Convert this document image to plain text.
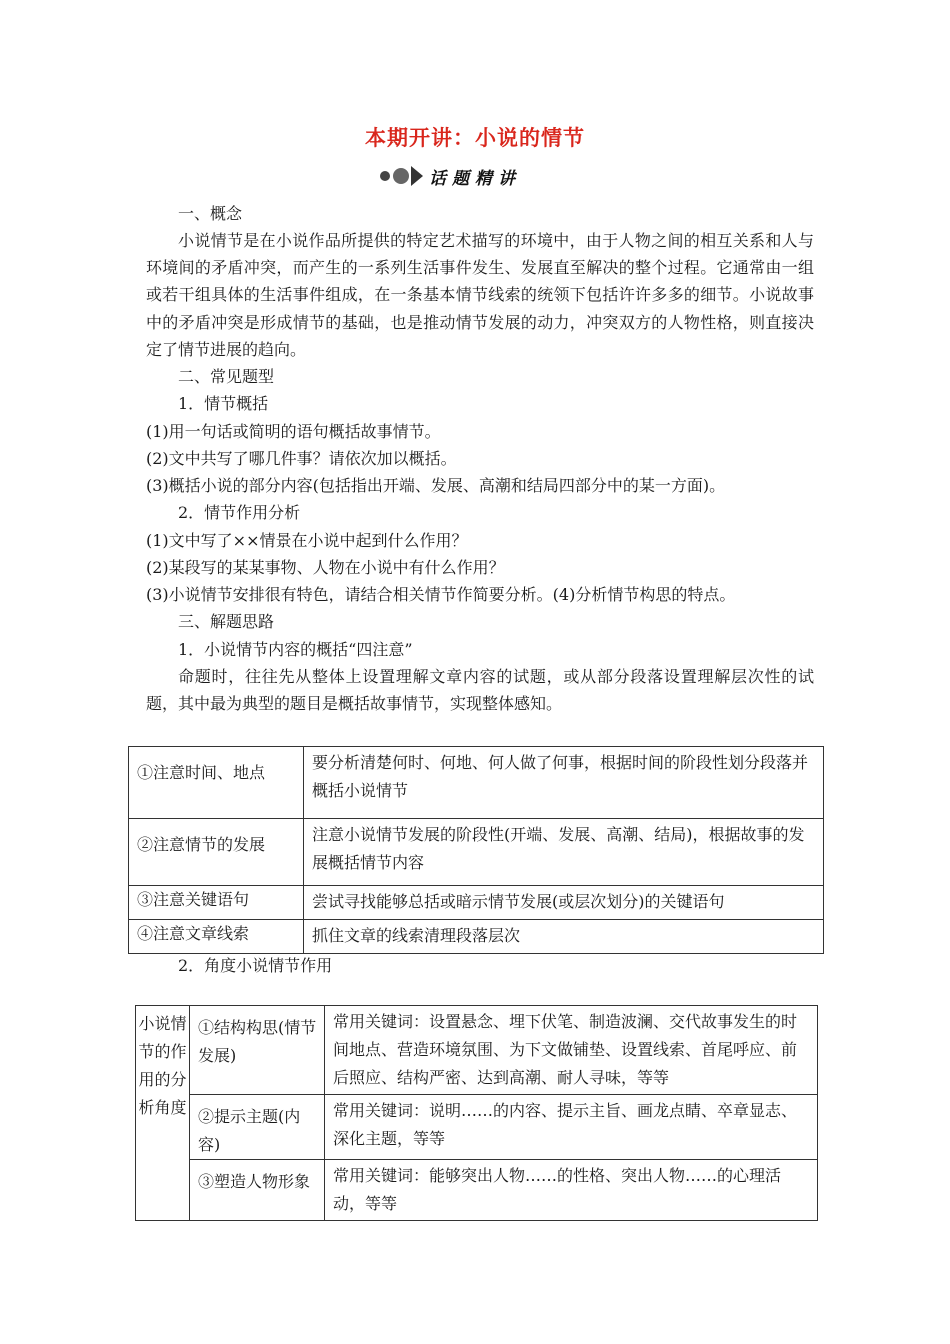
本期开讲：小说的情节
话题精讲

一、概念

小说情节是在小说作品所提供的特定艺术描写的环境中，由于人物之间的相互关系和人与环境间的矛盾冲突，而产生的一系列生活事件发生、发展直至解决的整个过程。它通常由一组或若干组具体的生活事件组成，在一条基本情节线索的统领下包括许许多多的细节。小说故事中的矛盾冲突是形成情节的基础，也是推动情节发展的动力，冲突双方的人物性格，则直接决定了情节进展的趋向。

二、常见题型

1．情节概括

(1)用一句话或简明的语句概括故事情节。

(2)文中共写了哪几件事？请依次加以概括。

(3)概括小说的部分内容(包括指出开端、发展、高潮和结局四部分中的某一方面)。

2．情节作用分析

(1)文中写了××情景在小说中起到什么作用？

(2)某段写的某某事物、人物在小说中有什么作用？

(3)小说情节安排很有特色，请结合相关情节作简要分析。(4)分析情节构思的特点。

三、解题思路

1．小说情节内容的概括“四注意”

命题时，往往先从整体上设置理解文章内容的试题，或从部分段落设置理解层次性的试题，其中最为典型的题目是概括故事情节，实现整体感知。

①注意时间、地点	要分析清楚何时、何地、何人做了何事，根据时间的阶段性划分段落并概括小说情节
②注意情节的发展	注意小说情节发展的阶段性(开端、发展、高潮、结局)，根据故事的发展概括情节内容
③注意关键语句	尝试寻找能够总括或暗示情节发展(或层次划分)的关键语句
④注意文章线索	抓住文章的线索清理段落层次

2．角度小说情节作用

小说情节的作用的分析角度	①结构构思(情节发展)	常用关键词：设置悬念、埋下伏笔、制造波澜、交代故事发生的时间地点、营造环境氛围、为下文做铺垫、设置线索、首尾呼应、前后照应、结构严密、达到高潮、耐人寻味，等等
	②提示主题(内容)	常用关键词：说明……的内容、提示主旨、画龙点睛、卒章显志、深化主题，等等
	③塑造人物形象	常用关键词：能够突出人物……的性格、突出人物……的心理活动，等等
